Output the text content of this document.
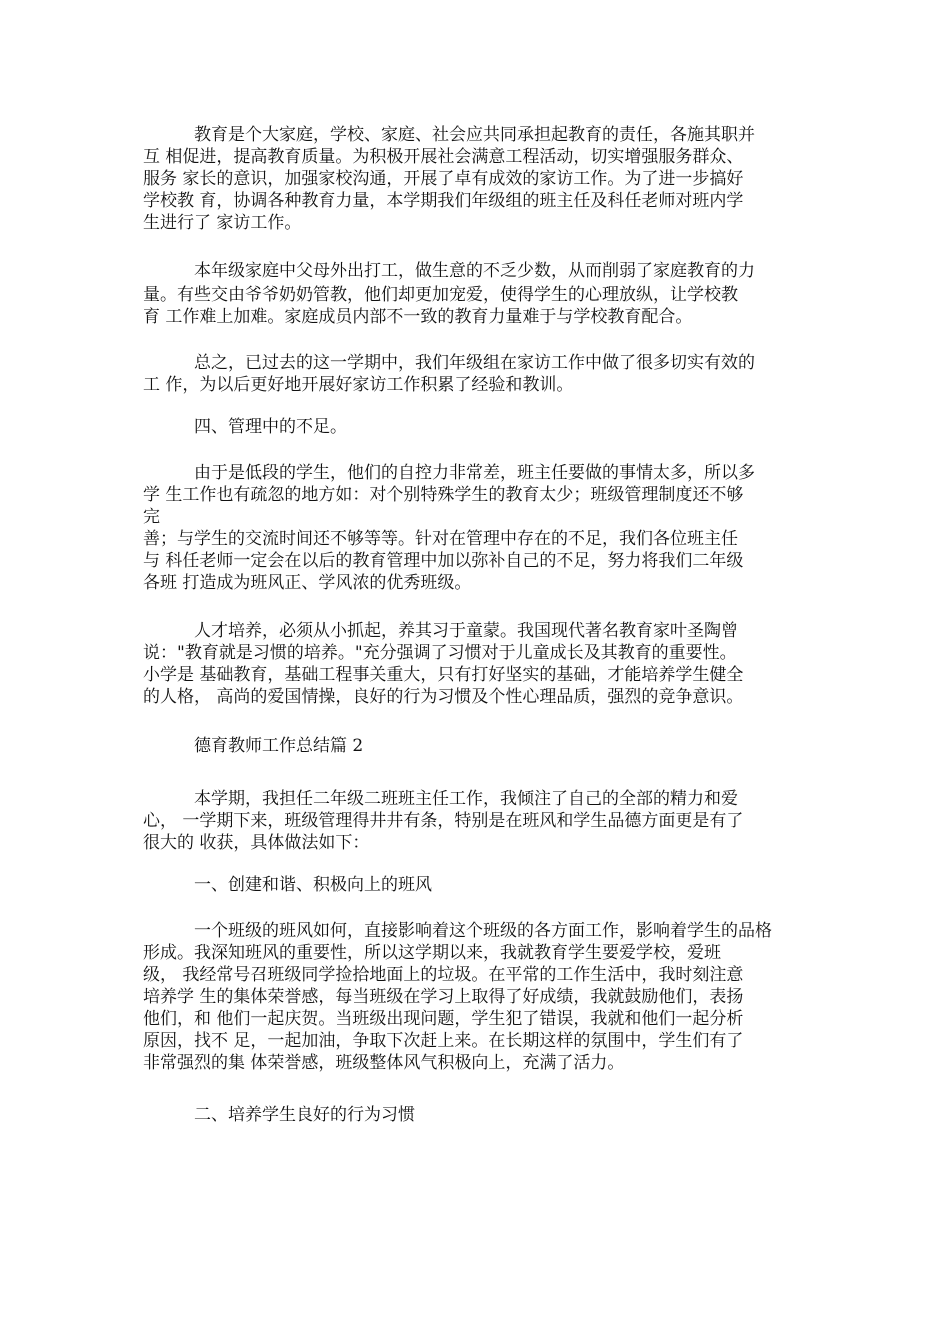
　　　教育是个大家庭，学校、家庭、社会应共同承担起教育的责任，各施其职并
互 相促进，提高教育质量。为积极开展社会满意工程活动，切实增强服务群众、
服务 家长的意识，加强家校沟通，开展了卓有成效的家访工作。为了进一步搞好
学校教 育，协调各种教育力量，本学期我们年级组的班主任及科任老师对班内学
生进行了 家访工作。
　　　本年级家庭中父母外出打工，做生意的不乏少数，从而削弱了家庭教育的力
量。有些交由爷爷奶奶管教，他们却更加宠爱，使得学生的心理放纵，让学校教
育 工作难上加难。家庭成员内部不一致的教育力量难于与学校教育配合。
　　　总之，已过去的这一学期中，我们年级组在家访工作中做了很多切实有效的
工 作，为以后更好地开展好家访工作积累了经验和教训。
　　　四、管理中的不足。
　　　由于是低段的学生，他们的自控力非常差，班主任要做的事情太多，所以多
学 生工作也有疏忽的地方如：对个别特殊学生的教育太少；班级管理制度还不够
完
善；与学生的交流时间还不够等等。针对在管理中存在的不足，我们各位班主任
与 科任老师一定会在以后的教育管理中加以弥补自己的不足，努力将我们二年级
各班 打造成为班风正、学风浓的优秀班级。
　　　人才培养，必须从小抓起，养其习于童蒙。我国现代著名教育家叶圣陶曾
说："教育就是习惯的培养。"充分强调了习惯对于儿童成长及其教育的重要性。
小学是 基础教育，基础工程事关重大，只有打好坚实的基础，才能培养学生健全
的人格， 高尚的爱国情操，良好的行为习惯及个性心理品质，强烈的竞争意识。
　　　德育教师工作总结篇 2
　　　本学期，我担任二年级二班班主任工作，我倾注了自己的全部的精力和爱
心， 一学期下来，班级管理得井井有条，特别是在班风和学生品德方面更是有了
很大的 收获，具体做法如下：
　　　一、创建和谐、积极向上的班风
　　　一个班级的班风如何，直接影响着这个班级的各方面工作，影响着学生的品格
形成。我深知班风的重要性，所以这学期以来，我就教育学生要爱学校，爱班
级， 我经常号召班级同学捡拾地面上的垃圾。在平常的工作生活中，我时刻注意
培养学 生的集体荣誉感，每当班级在学习上取得了好成绩，我就鼓励他们，表扬
他们，和 他们一起庆贺。当班级出现问题，学生犯了错误，我就和他们一起分析
原因，找不 足，一起加油，争取下次赶上来。在长期这样的氛围中，学生们有了
非常强烈的集 体荣誉感，班级整体风气积极向上，充满了活力。
　　　二、培养学生良好的行为习惯
